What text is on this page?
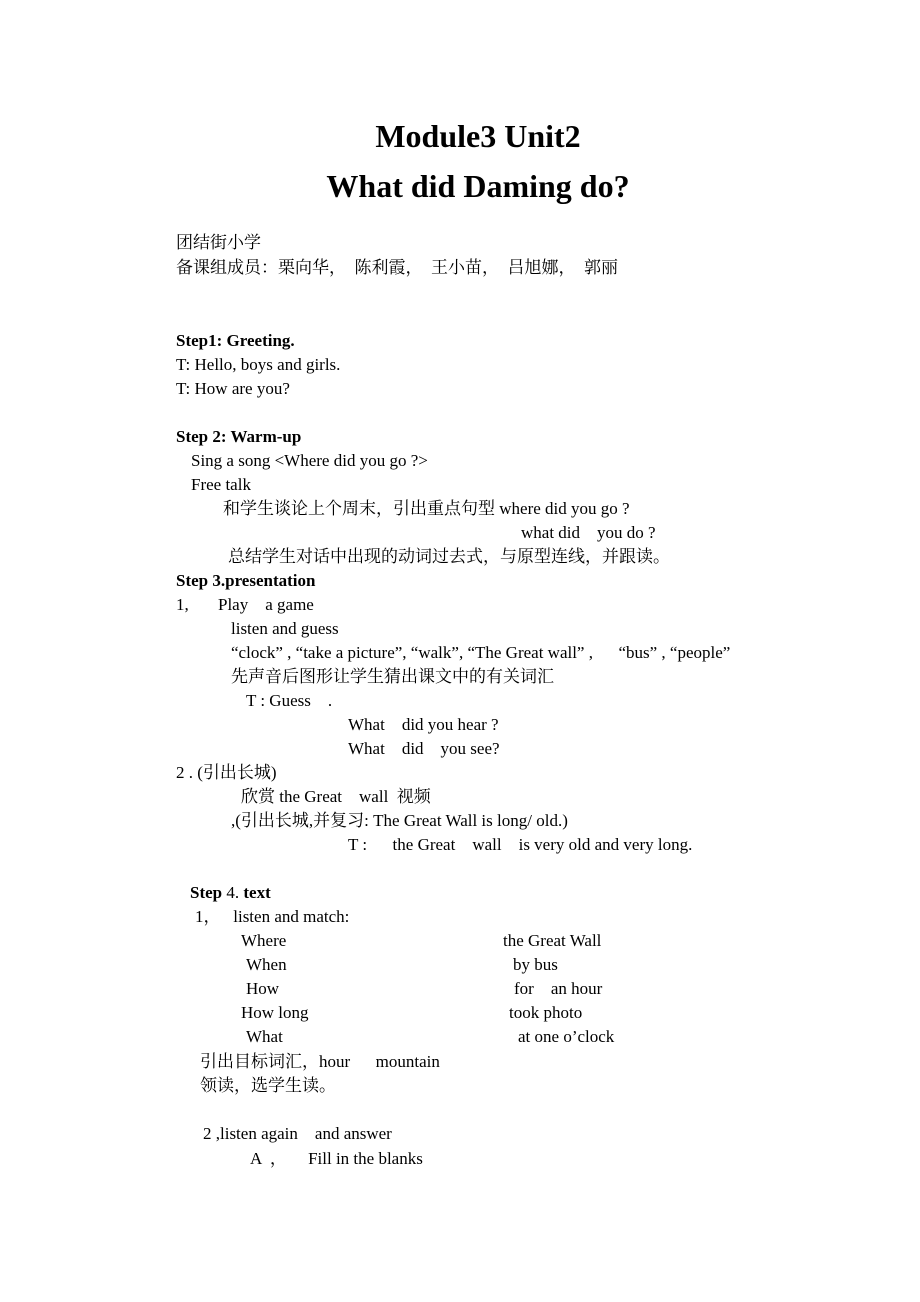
Module3 Unit2
What did Daming do?
团结街小学
备课组成员：栗向华，　陈利霞，　王小苗，　吕旭娜，　郭丽
Step1: Greeting.
T: Hello, boys and girls.
T: How are you?
Step 2: Warm-up
Sing a song <Where did you go ?>
Free talk
和学生谈论上个周末，引出重点句型 where did you go ?
what did    you do ?
总结学生对话中出现的动词过去式，与原型连线，并跟读。
Step 3.presentation
1, Play    a game
listen and guess
“clock” , “take a picture”, “walk”, “The Great wall” ,      “bus” , “people”
先声音后图形让学生猜出课文中的有关词汇
T : Guess    .
What    did you hear ?
What    did    you see?
2 . (引出长城)
欣赏 the Great    wall  视频
,(引出长城,并复习: The Great Wall is long/ old.)
T :      the Great    wall    is very old and very long.
Step 4. text
1，   listen and match:
Where
When
How
How long
What
the Great Wall
by bus
for    an hour
took photo
at one o’clock
引出目标词汇，hour      mountain
领读，选学生读。
2 ,listen again    and answer
A  ，     Fill in the blanks
